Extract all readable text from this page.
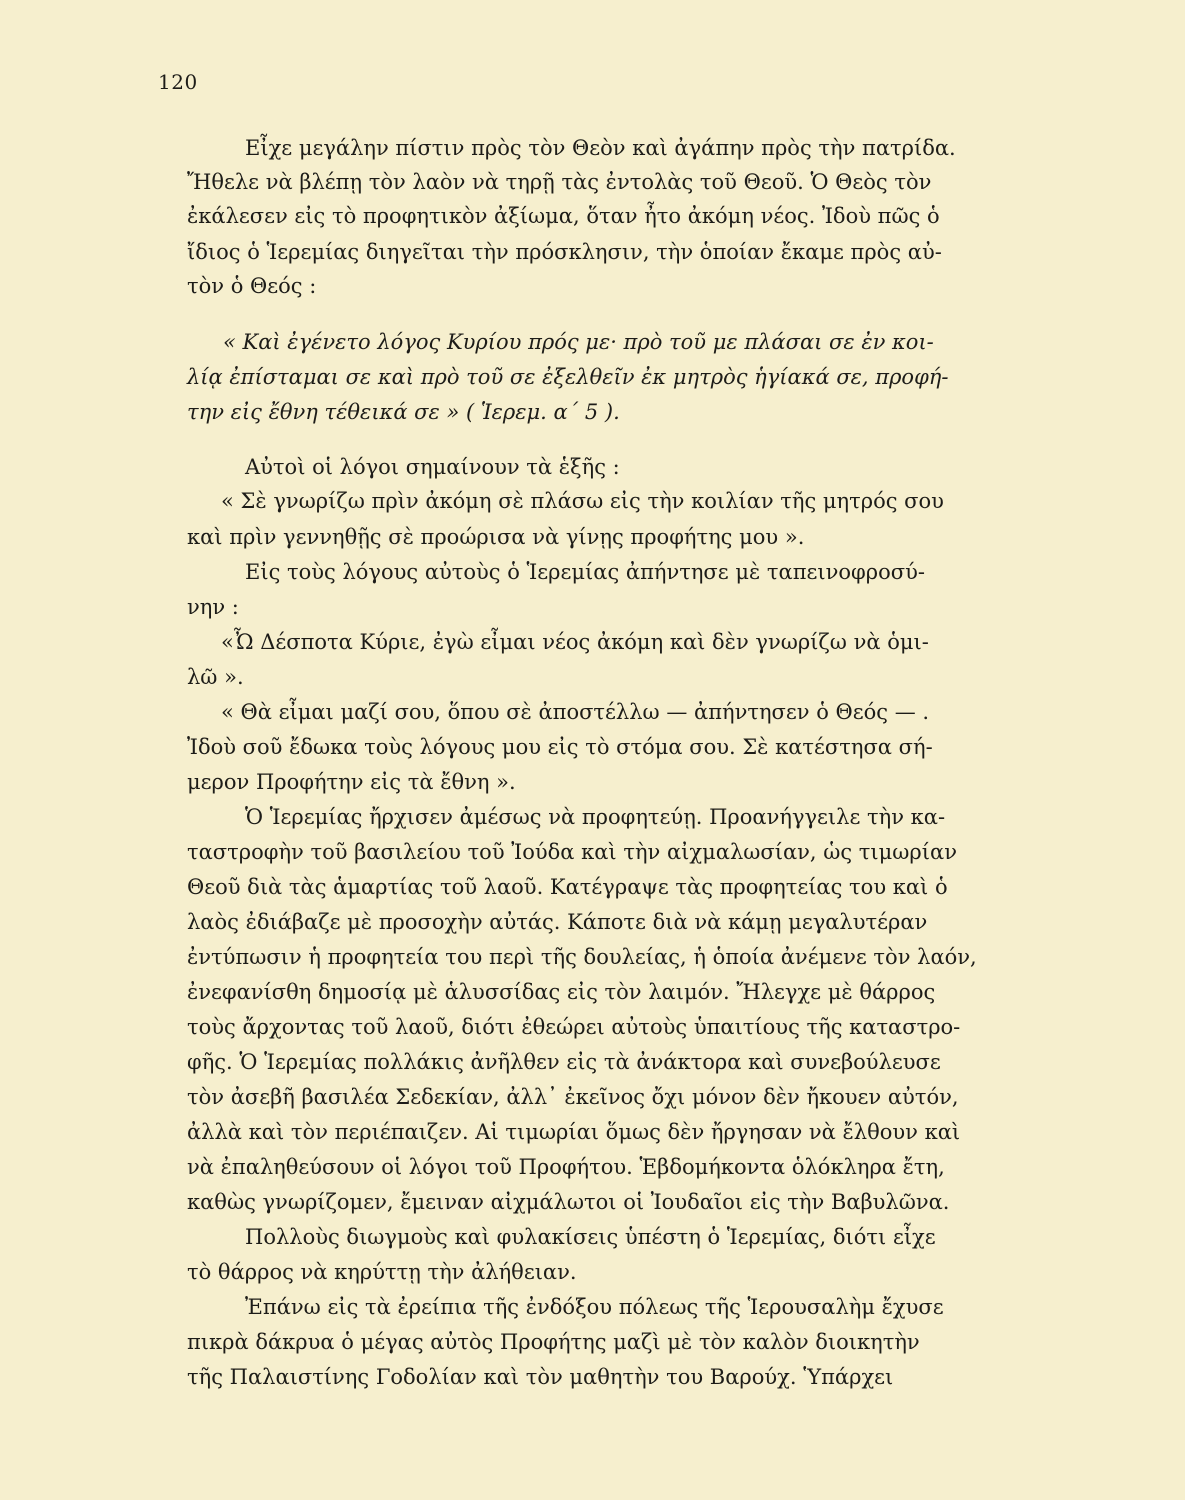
120
Εἶχε μεγάλην πίστιν πρὸς τὸν Θεὸν καὶ ἀγάπην πρὸς τὴν πατρίδα.
Ἤθελε νὰ βλέπῃ τὸν λαὸν νὰ τηρῇ τὰς ἐντολὰς τοῦ Θεοῦ. Ὁ Θεὸς τὸν
ἐκάλεσεν εἰς τὸ προφητικὸν ἀξίωμα, ὅταν ἦτο ἀκόμη νέος. Ἰδοὺ πῶς ὁ
ἴδιος ὁ Ἱερεμίας διηγεῖται τὴν πρόσκλησιν, τὴν ὁποίαν ἔκαμε πρὸς αὐ-
τὸν ὁ Θεός :
« Καὶ ἐγένετο λόγος Κυρίου πρός με· πρὸ τοῦ με πλάσαι σε ἐν κοι-
λίᾳ ἐπίσταμαι σε καὶ πρὸ τοῦ σε ἐξελθεῖν ἐκ μητρὸς ἡγίακά σε, προφή-
την εἰς ἔθνη τέθεικά σε » ( Ἱερεμ. α΄ 5 ).
Αὐτοὶ οἱ λόγοι σημαίνουν τὰ ἑξῆς :
« Σὲ γνωρίζω πρὶν ἀκόμη σὲ πλάσω εἰς τὴν κοιλίαν τῆς μητρός σου
καὶ πρὶν γεννηθῇς σὲ προώρισα νὰ γίνῃς προφήτης μου ».
Εἰς τοὺς λόγους αὐτοὺς ὁ Ἱερεμίας ἀπήντησε μὲ ταπεινοφροσύ-
νην :
«Ὦ Δέσποτα Κύριε, ἐγὼ εἶμαι νέος ἀκόμη καὶ δὲν γνωρίζω νὰ ὁμι-
λῶ ».
« Θὰ εἶμαι μαζί σου, ὅπου σὲ ἀποστέλλω — ἀπήντησεν ὁ Θεός — .
Ἰδοὺ σοῦ ἔδωκα τοὺς λόγους μου εἰς τὸ στόμα σου. Σὲ κατέστησα σή-
μερον Προφήτην εἰς τὰ ἔθνη ».
Ὁ Ἱερεμίας ἤρχισεν ἀμέσως νὰ προφητεύῃ. Προανήγγειλε τὴν κα-
ταστροφὴν τοῦ βασιλείου τοῦ Ἰούδα καὶ τὴν αἰχμαλωσίαν, ὡς τιμωρίαν
Θεοῦ διὰ τὰς ἁμαρτίας τοῦ λαοῦ. Κατέγραψε τὰς προφητείας του καὶ ὁ
λαὸς ἐδιάβαζε μὲ προσοχὴν αὐτάς. Κάποτε διὰ νὰ κάμῃ μεγαλυτέραν
ἐντύπωσιν ἡ προφητεία του περὶ τῆς δουλείας, ἡ ὁποία ἀνέμενε τὸν λαόν,
ἐνεφανίσθη δημοσίᾳ μὲ ἁλυσσίδας εἰς τὸν λαιμόν. Ἤλεγχε μὲ θάρρος
τοὺς ἄρχοντας τοῦ λαοῦ, διότι ἐθεώρει αὐτοὺς ὑπαιτίους τῆς καταστρο-
φῆς. Ὁ Ἱερεμίας πολλάκις ἀνῆλθεν εἰς τὰ ἀνάκτορα καὶ συνεβούλευσε
τὸν ἀσεβῆ βασιλέα Σεδεκίαν, ἀλλ᾽ ἐκεῖνος ὄχι μόνον δὲν ἤκουεν αὐτόν,
ἀλλὰ καὶ τὸν περιέπαιζεν. Αἱ τιμωρίαι ὅμως δὲν ἤργησαν νὰ ἔλθουν καὶ
νὰ ἐπαληθεύσουν οἱ λόγοι τοῦ Προφήτου. Ἑβδομήκοντα ὁλόκληρα ἔτη,
καθὼς γνωρίζομεν, ἔμειναν αἰχμάλωτοι οἱ Ἰουδαῖοι εἰς τὴν Βαβυλῶνα.
Πολλοὺς διωγμοὺς καὶ φυλακίσεις ὑπέστη ὁ Ἱερεμίας, διότι εἶχε
τὸ θάρρος νὰ κηρύττῃ τὴν ἀλήθειαν.
Ἐπάνω εἰς τὰ ἐρείπια τῆς ἐνδόξου πόλεως τῆς Ἱερουσαλὴμ ἔχυσε
πικρὰ δάκρυα ὁ μέγας αὐτὸς Προφήτης μαζὶ μὲ τὸν καλὸν διοικητὴν
τῆς Παλαιστίνης Γοδολίαν καὶ τὸν μαθητὴν του Βαρούχ. Ὑπάρχει
